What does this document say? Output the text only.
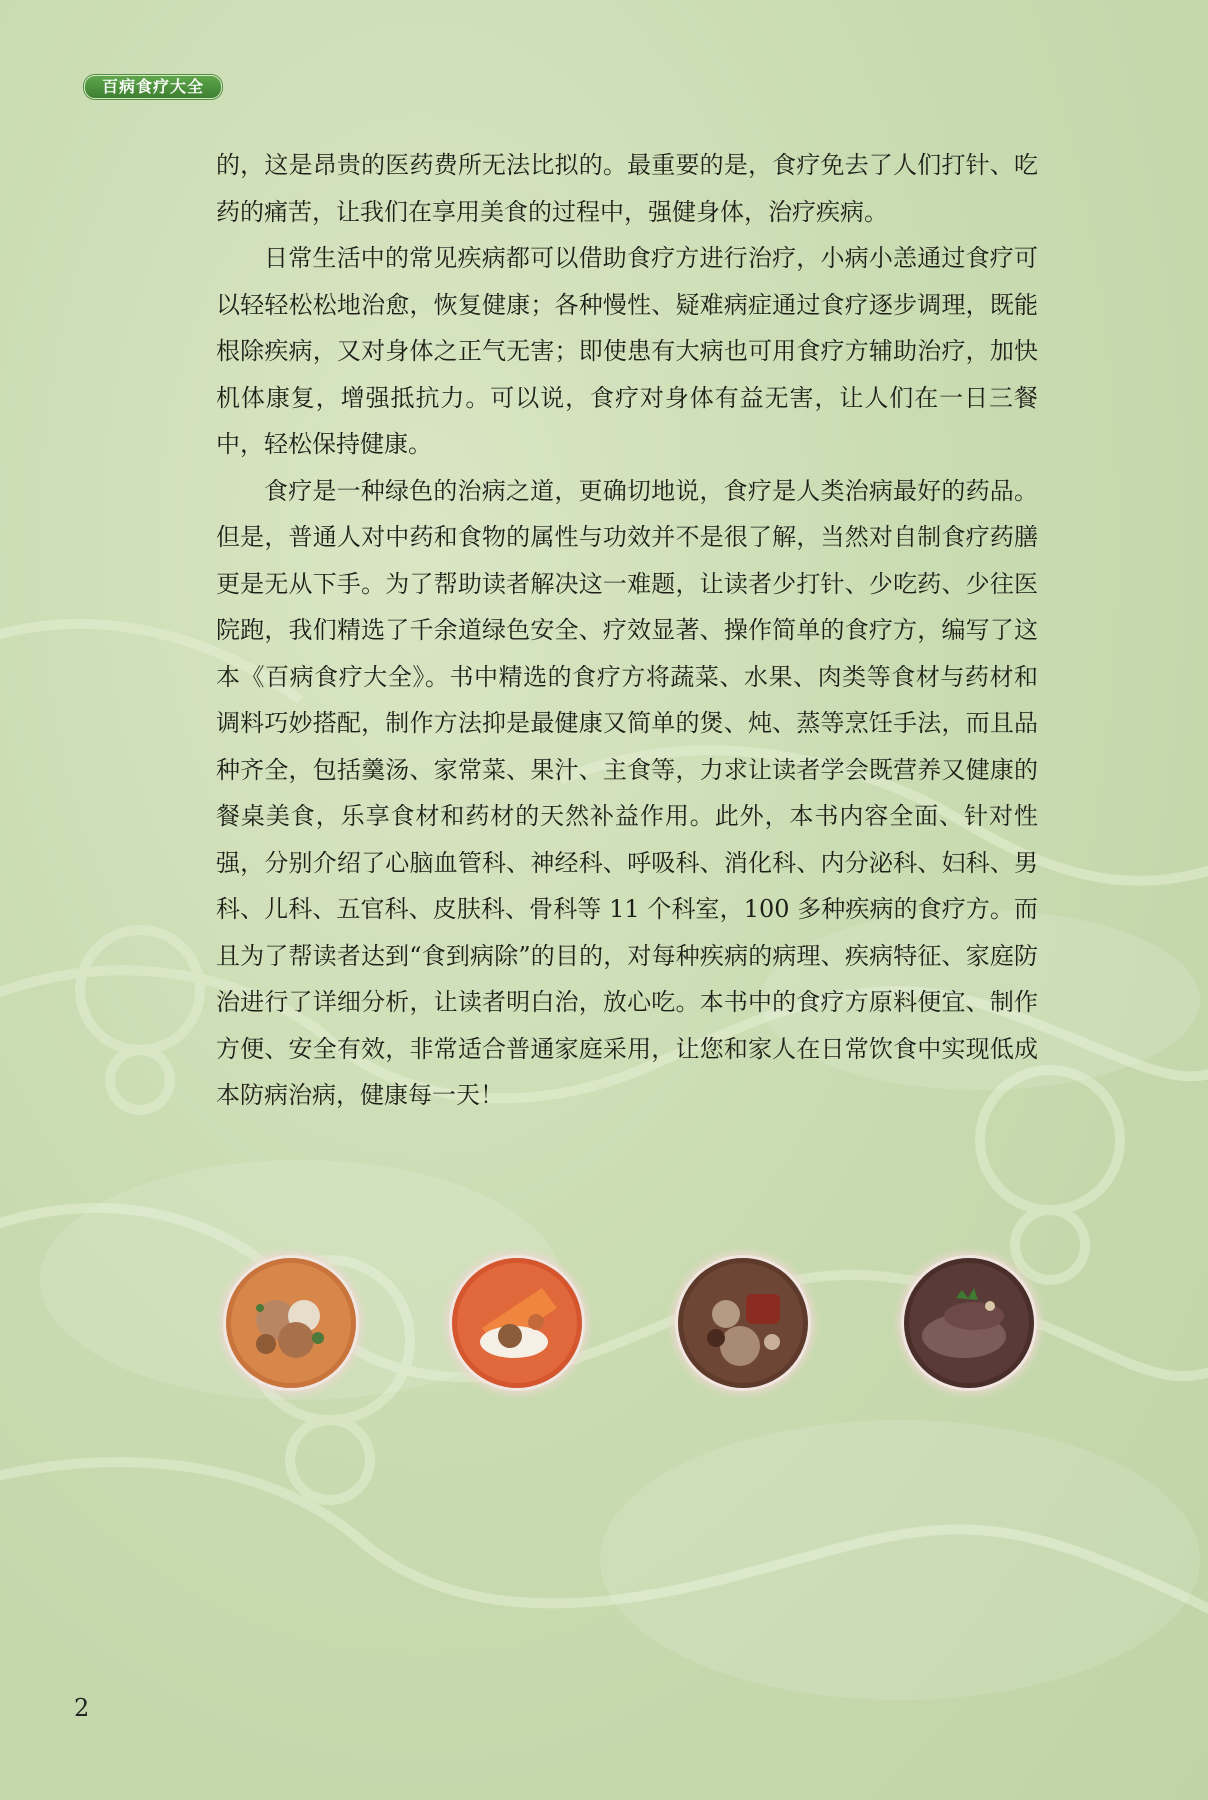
百病食疗大全

的，这是昂贵的医药费所无法比拟的。最重要的是，食疗免去了人们打针、吃药的痛苦，让我们在享用美食的过程中，强健身体，治疗疾病。

日常生活中的常见疾病都可以借助食疗方进行治疗，小病小恙通过食疗可以轻轻松松地治愈，恢复健康；各种慢性、疑难病症通过食疗逐步调理，既能根除疾病，又对身体之正气无害；即使患有大病也可用食疗方辅助治疗，加快机体康复，增强抵抗力。可以说，食疗对身体有益无害，让人们在一日三餐中，轻松保持健康。

食疗是一种绿色的治病之道，更确切地说，食疗是人类治病最好的药品。但是，普通人对中药和食物的属性与功效并不是很了解，当然对自制食疗药膳更是无从下手。为了帮助读者解决这一难题，让读者少打针、少吃药、少往医院跑，我们精选了千余道绿色安全、疗效显著、操作简单的食疗方，编写了这本《百病食疗大全》。书中精选的食疗方将蔬菜、水果、肉类等食材与药材和调料巧妙搭配，制作方法抑是最健康又简单的煲、炖、蒸等烹饪手法，而且品种齐全，包括羹汤、家常菜、果汁、主食等，力求让读者学会既营养又健康的餐桌美食，乐享食材和药材的天然补益作用。此外，本书内容全面、针对性强，分别介绍了心脑血管科、神经科、呼吸科、消化科、内分泌科、妇科、男科、儿科、五官科、皮肤科、骨科等 11 个科室，100 多种疾病的食疗方。而且为了帮读者达到“食到病除”的目的，对每种疾病的病理、疾病特征、家庭防治进行了详细分析，让读者明白治，放心吃。本书中的食疗方原料便宜、制作方便、安全有效，非常适合普通家庭采用，让您和家人在日常饮食中实现低成本防病治病，健康每一天！

2
